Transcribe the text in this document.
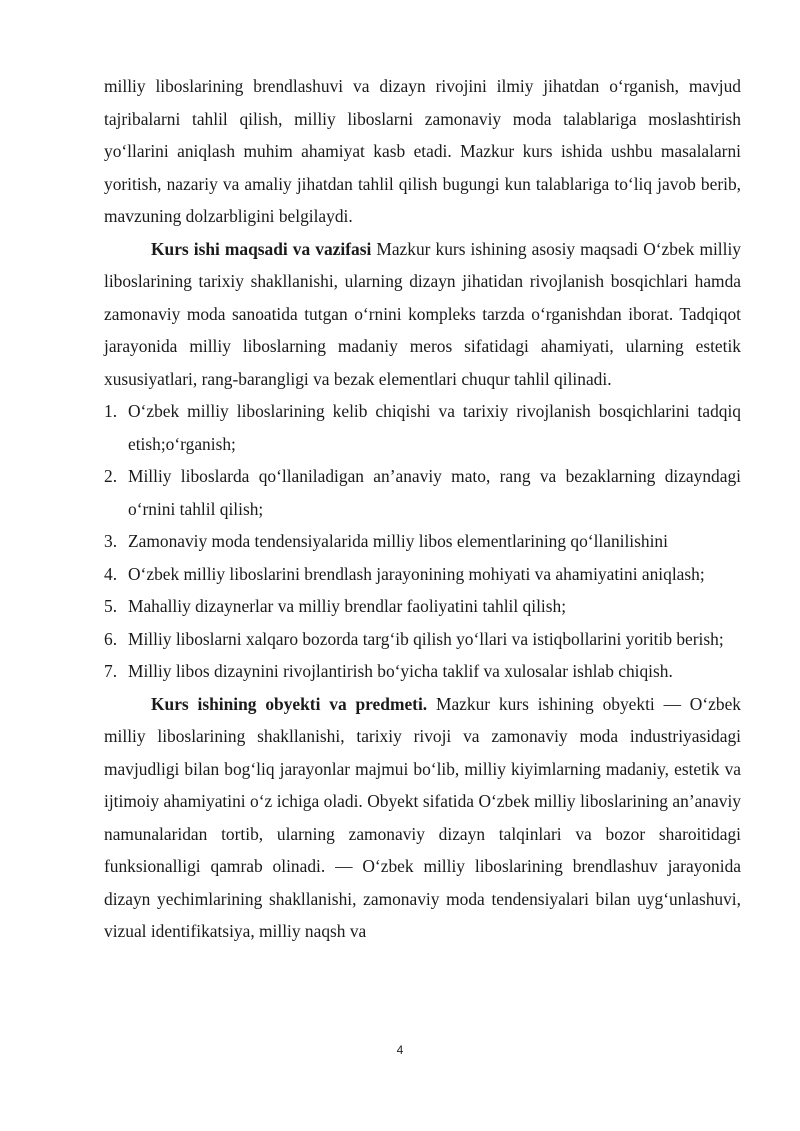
milliy liboslarining brendlashuvi va dizayn rivojini ilmiy jihatdan o‘rganish, mavjud tajribalarni tahlil qilish, milliy liboslarni zamonaviy moda talablariga moslashtirish yo‘llarini aniqlash muhim ahamiyat kasb etadi. Mazkur kurs ishida ushbu masalalarni yoritish, nazariy va amaliy jihatdan tahlil qilish bugungi kun talablariga to‘liq javob berib, mavzuning dolzarbligini belgilaydi.

Kurs ishi maqsadi va vazifasi Mazkur kurs ishining asosiy maqsadi O‘zbek milliy liboslarining tarixiy shakllanishi, ularning dizayn jihatidan rivojlanish bosqichlari hamda zamonaviy moda sanoatida tutgan o‘rnini kompleks tarzda o‘rganishdan iborat. Tadqiqot jarayonida milliy liboslarning madaniy meros sifatidagi ahamiyati, ularning estetik xususiyatlari, rang-barangligi va bezak elementlari chuqur tahlil qilinadi.

1. O‘zbek milliy liboslarining kelib chiqishi va tarixiy rivojlanish bosqichlarini tadqiq etish;o‘rganish;
2. Milliy liboslarda qo‘llaniladigan an’anaviy mato, rang va bezaklarning dizayndagi o‘rnini tahlil qilish;
3. Zamonaviy moda tendensiyalarida milliy libos elementlarining qo‘llanilishini
4. O‘zbek milliy liboslarini brendlash jarayonining mohiyati va ahamiyatini aniqlash;
5. Mahalliy dizaynerlar va milliy brendlar faoliyatini tahlil qilish;
6. Milliy liboslarni xalqaro bozorda targ‘ib qilish yo‘llari va istiqbollarini yoritib berish;
7. Milliy libos dizaynini rivojlantirish bo‘yicha taklif va xulosalar ishlab chiqish.

Kurs ishining obyekti va predmeti. Mazkur kurs ishining obyekti — O‘zbek milliy liboslarining shakllanishi, tarixiy rivoji va zamonaviy moda industriyasidagi mavjudligi bilan bog‘liq jarayonlar majmui bo‘lib, milliy kiyimlarning madaniy, estetik va ijtimoiy ahamiyatini o‘z ichiga oladi. Obyekt sifatida O‘zbek milliy liboslarining an’anaviy namunalaridan tortib, ularning zamonaviy dizayn talqinlari va bozor sharoitidagi funksionalligi qamrab olinadi. — O‘zbek milliy liboslarining brendlashuv jarayonida dizayn yechimlarining shakllanishi, zamonaviy moda tendensiyalari bilan uyg‘unlashuvi, vizual identifikatsiya, milliy naqsh va

4
